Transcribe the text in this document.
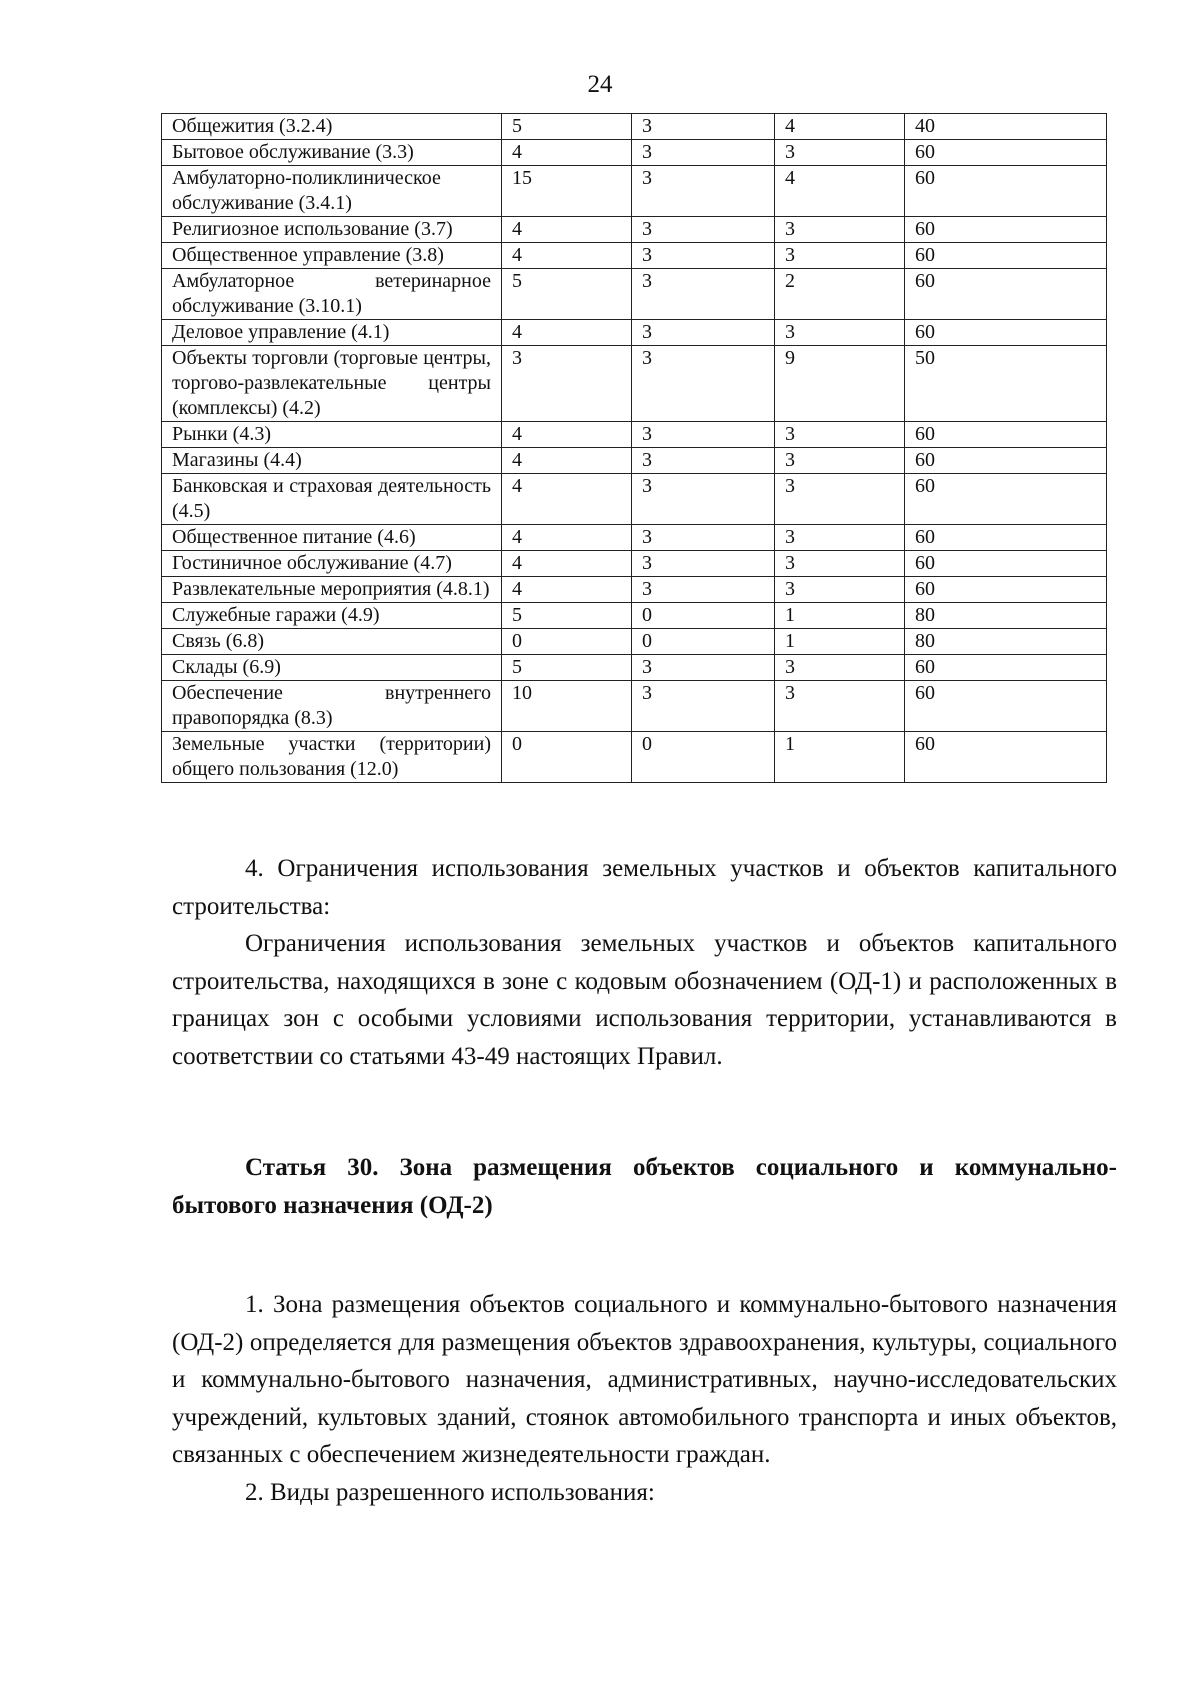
24
Общежития (3.2.4)	5	3	4	40
Бытовое обслуживание (3.3)	4	3	3	60
Амбулаторно-поликлиническое обслуживание (3.4.1)	15	3	4	60
Религиозное использование (3.7)	4	3	3	60
Общественное управление (3.8)	4	3	3	60
Амбулаторное ветеринарное обслуживание (3.10.1)	5	3	2	60
Деловое управление (4.1)	4	3	3	60
Объекты торговли (торговые центры, торгово-развлекательные центры (комплексы) (4.2)	3	3	9	50
Рынки (4.3)	4	3	3	60
Магазины (4.4)	4	3	3	60
Банковская и страховая деятельность (4.5)	4	3	3	60
Общественное питание (4.6)	4	3	3	60
Гостиничное обслуживание (4.7)	4	3	3	60
Развлекательные мероприятия (4.8.1)	4	3	3	60
Служебные гаражи (4.9)	5	0	1	80
Связь (6.8)	0	0	1	80
Склады (6.9)	5	3	3	60
Обеспечение внутреннего правопорядка (8.3)	10	3	3	60
Земельные участки (территории) общего пользования (12.0)	0	0	1	60

4. Ограничения использования земельных участков и объектов капитального строительства:

Ограничения использования земельных участков и объектов капитального строительства, находящихся в зоне с кодовым обозначением (ОД-1) и расположенных в границах зон с особыми условиями использования территории, устанавливаются в соответствии со статьями 43-49 настоящих Правил.

Статья 30. Зона размещения объектов социального и коммунально-бытового назначения (ОД-2)

1. Зона размещения объектов социального и коммунально-бытового назначения (ОД-2) определяется для размещения объектов здравоохранения, культуры, социального и коммунально-бытового назначения, административных, научно-исследовательских учреждений, культовых зданий, стоянок автомобильного транспорта и иных объектов, связанных с обеспечением жизнедеятельности граждан.

2. Виды разрешенного использования:
